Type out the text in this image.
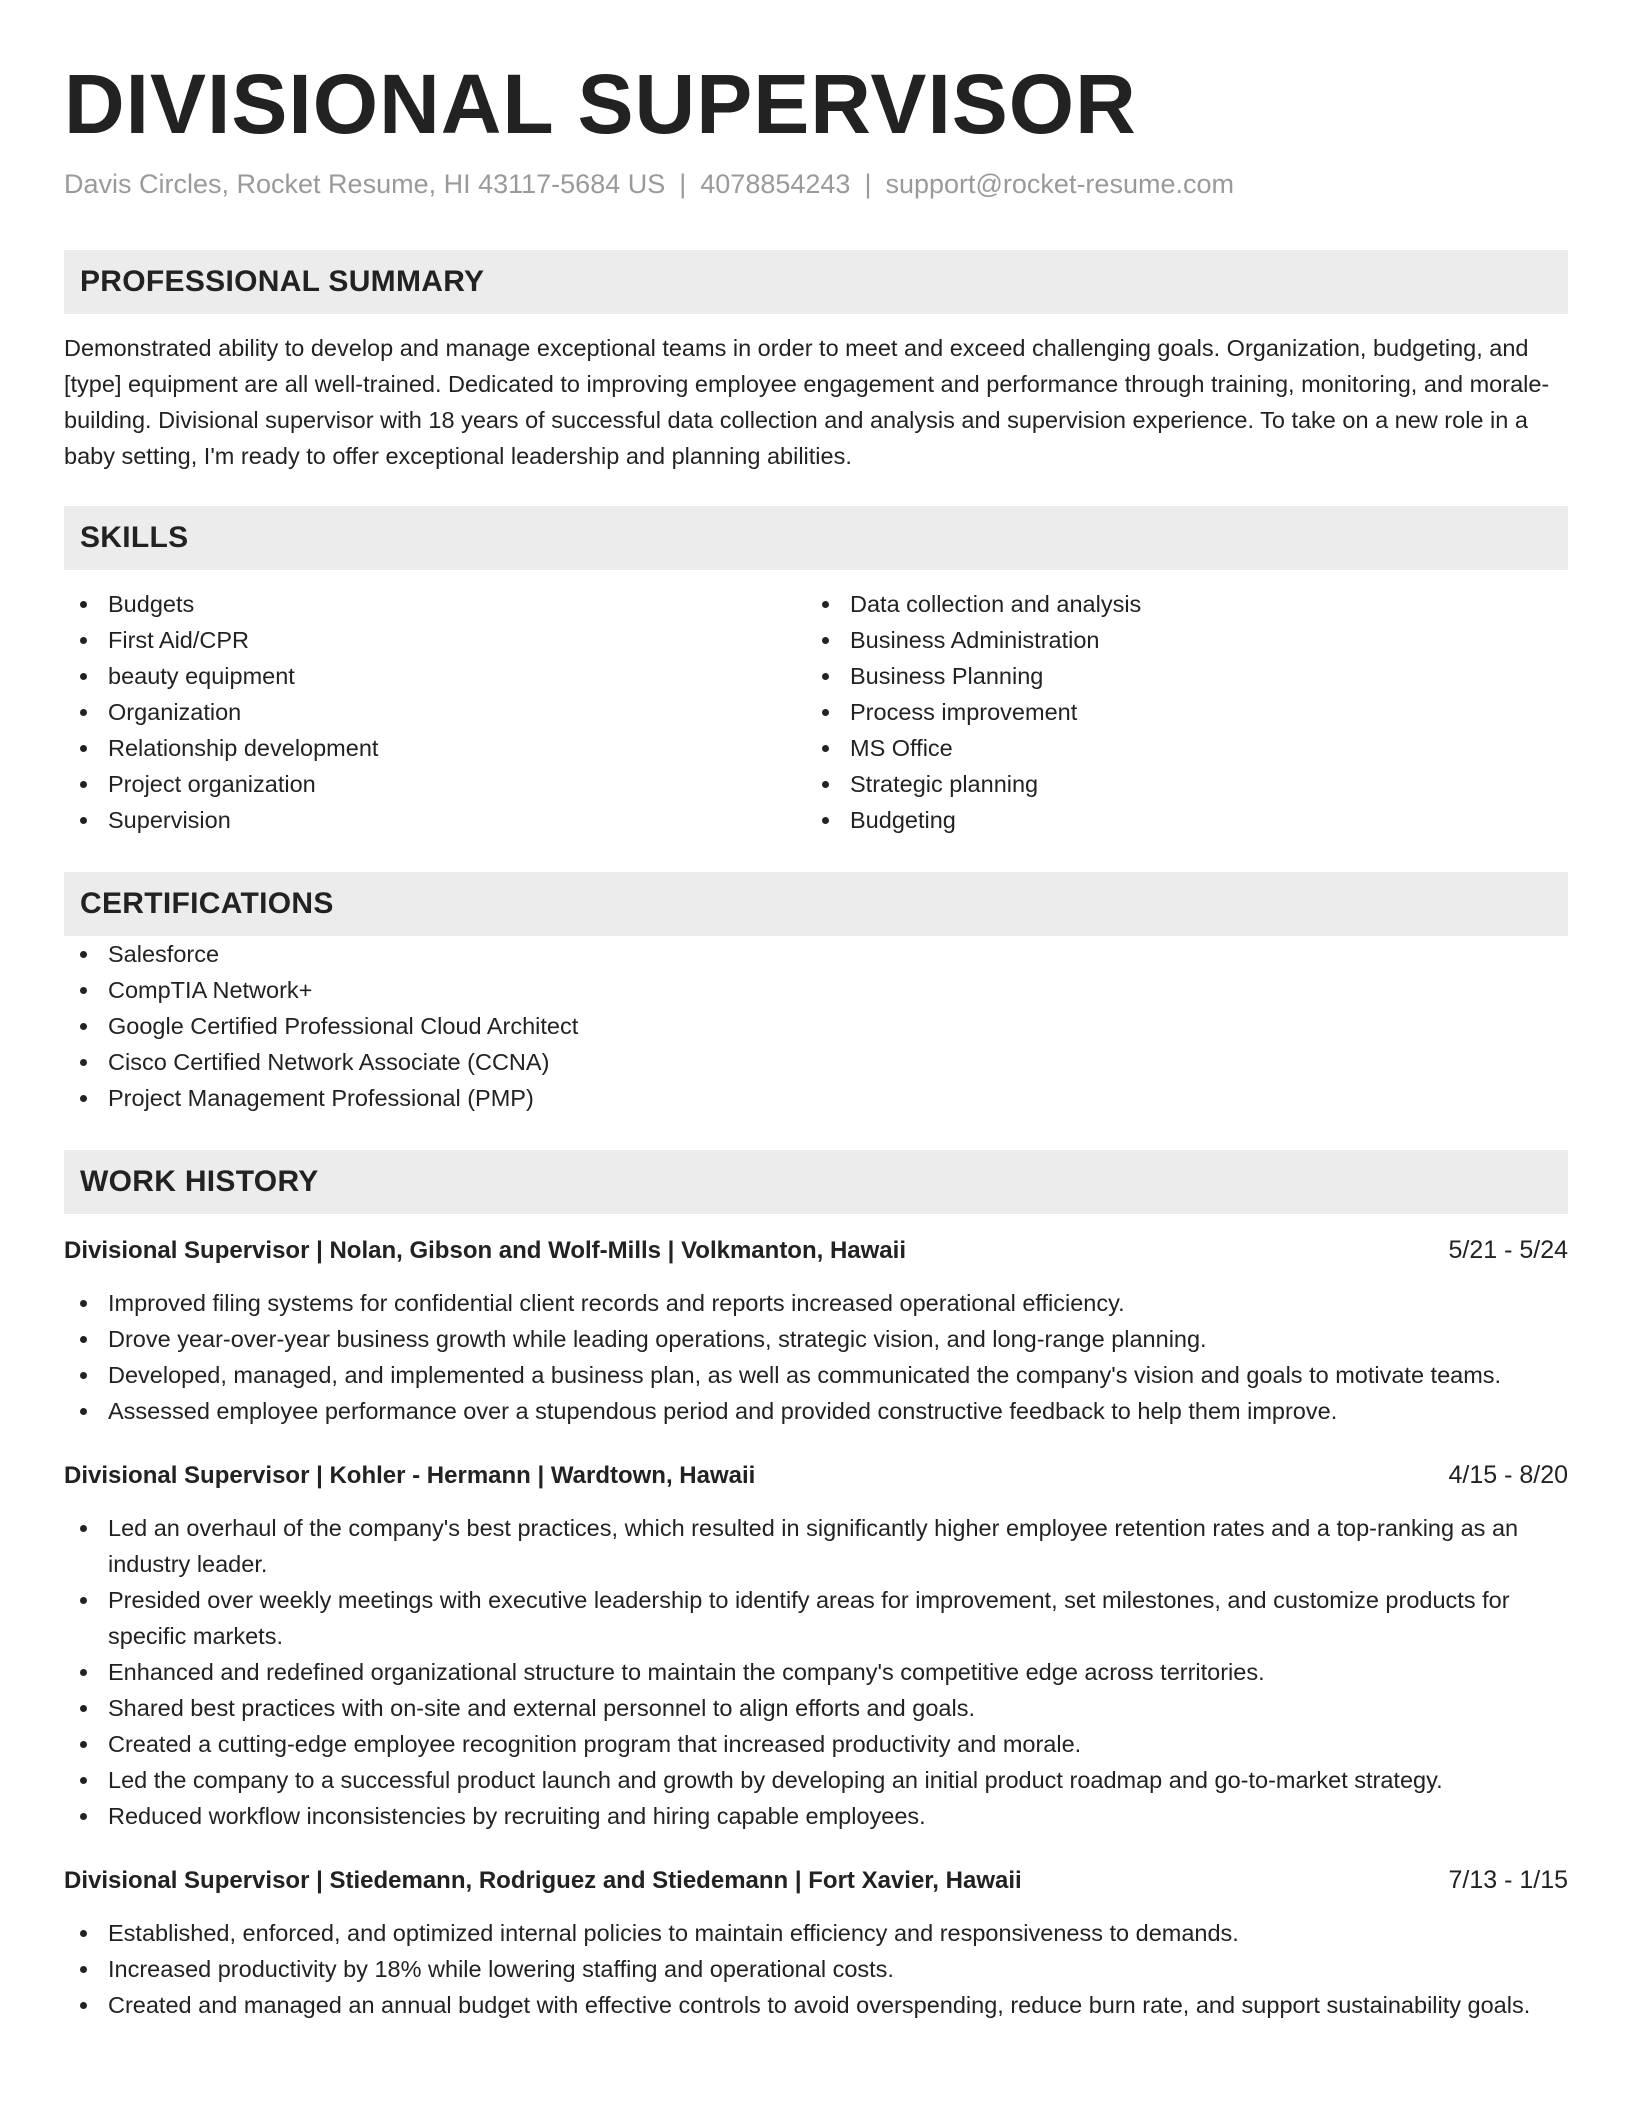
DIVISIONAL SUPERVISOR
Davis Circles, Rocket Resume, HI 43117-5684 US | 4078854243 | support@rocket-resume.com
PROFESSIONAL SUMMARY

Demonstrated ability to develop and manage exceptional teams in order to meet and exceed challenging goals. Organization, budgeting, and [type] equipment are all well-trained. Dedicated to improving employee engagement and performance through training, monitoring, and morale-building. Divisional supervisor with 18 years of successful data collection and analysis and supervision experience. To take on a new role in a baby setting, I'm ready to offer exceptional leadership and planning abilities.

SKILLS
Budgets
First Aid/CPR
beauty equipment
Organization
Relationship development
Project organization
Supervision
Data collection and analysis
Business Administration
Business Planning
Process improvement
MS Office
Strategic planning
Budgeting
CERTIFICATIONS
Salesforce
CompTIA Network+
Google Certified Professional Cloud Architect
Cisco Certified Network Associate (CCNA)
Project Management Professional (PMP)
WORK HISTORY
Divisional Supervisor | Nolan, Gibson and Wolf-Mills | Volkmanton, Hawaii	5/21 - 5/24
Improved filing systems for confidential client records and reports increased operational efficiency.
Drove year-over-year business growth while leading operations, strategic vision, and long-range planning.
Developed, managed, and implemented a business plan, as well as communicated the company's vision and goals to motivate teams.
Assessed employee performance over a stupendous period and provided constructive feedback to help them improve.
Divisional Supervisor | Kohler - Hermann | Wardtown, Hawaii	4/15 - 8/20
Led an overhaul of the company's best practices, which resulted in significantly higher employee retention rates and a top-ranking as an industry leader.
Presided over weekly meetings with executive leadership to identify areas for improvement, set milestones, and customize products for specific markets.
Enhanced and redefined organizational structure to maintain the company's competitive edge across territories.
Shared best practices with on-site and external personnel to align efforts and goals.
Created a cutting-edge employee recognition program that increased productivity and morale.
Led the company to a successful product launch and growth by developing an initial product roadmap and go-to-market strategy.
Reduced workflow inconsistencies by recruiting and hiring capable employees.
Divisional Supervisor | Stiedemann, Rodriguez and Stiedemann | Fort Xavier, Hawaii	7/13 - 1/15
Established, enforced, and optimized internal policies to maintain efficiency and responsiveness to demands.
Increased productivity by 18% while lowering staffing and operational costs.
Created and managed an annual budget with effective controls to avoid overspending, reduce burn rate, and support sustainability goals.
